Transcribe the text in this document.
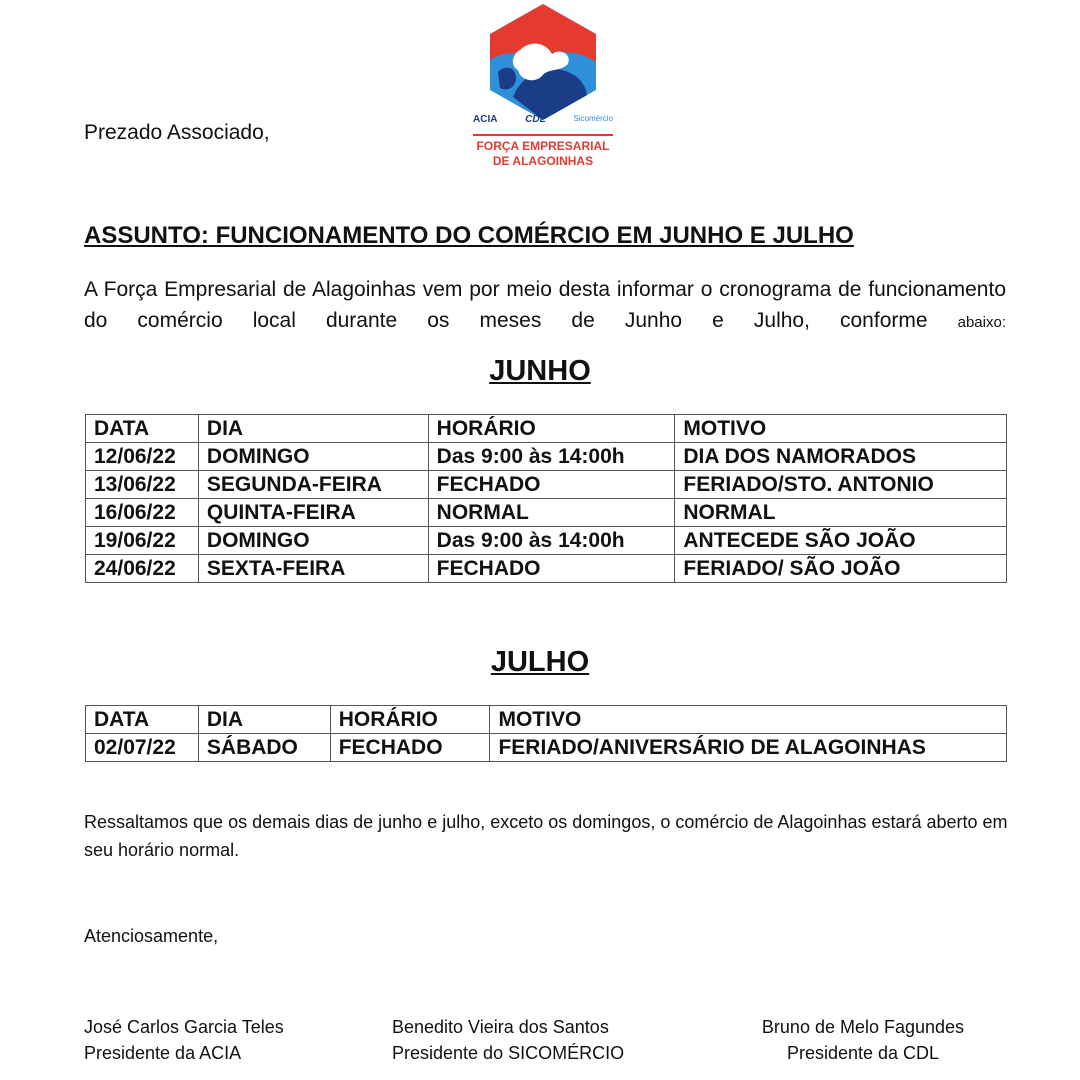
ACIA	CDL	Sicomércio
FORÇA EMPRESARIAL
DE ALAGOINHAS
Prezado Associado,
ASSUNTO: FUNCIONAMENTO DO COMÉRCIO EM JUNHO E JULHO
A Força Empresarial de Alagoinhas vem por meio desta informar o cronograma de funcionamento do comércio local durante os meses de Junho e Julho, conforme abaixo:
JUNHO
DATA	DIA	HORÁRIO	MOTIVO
12/06/22	DOMINGO	Das 9:00 às 14:00h	DIA DOS NAMORADOS
13/06/22	SEGUNDA-FEIRA	FECHADO	FERIADO/STO. ANTONIO
16/06/22	QUINTA-FEIRA	NORMAL	NORMAL
19/06/22	DOMINGO	Das 9:00 às 14:00h	ANTECEDE SÃO JOÃO
24/06/22	SEXTA-FEIRA	FECHADO	FERIADO/ SÃO JOÃO
JULHO
DATA	DIA	HORÁRIO	MOTIVO
02/07/22	SÁBADO	FECHADO	FERIADO/ANIVERSÁRIO DE ALAGOINHAS
Ressaltamos que os demais dias de junho e julho, exceto os domingos, o comércio de Alagoinhas estará aberto em seu horário normal.
Atenciosamente,
José Carlos Garcia Teles
Presidente da ACIA
Benedito Vieira dos Santos
Presidente do SICOMÉRCIO
Bruno de Melo Fagundes
Presidente da CDL
